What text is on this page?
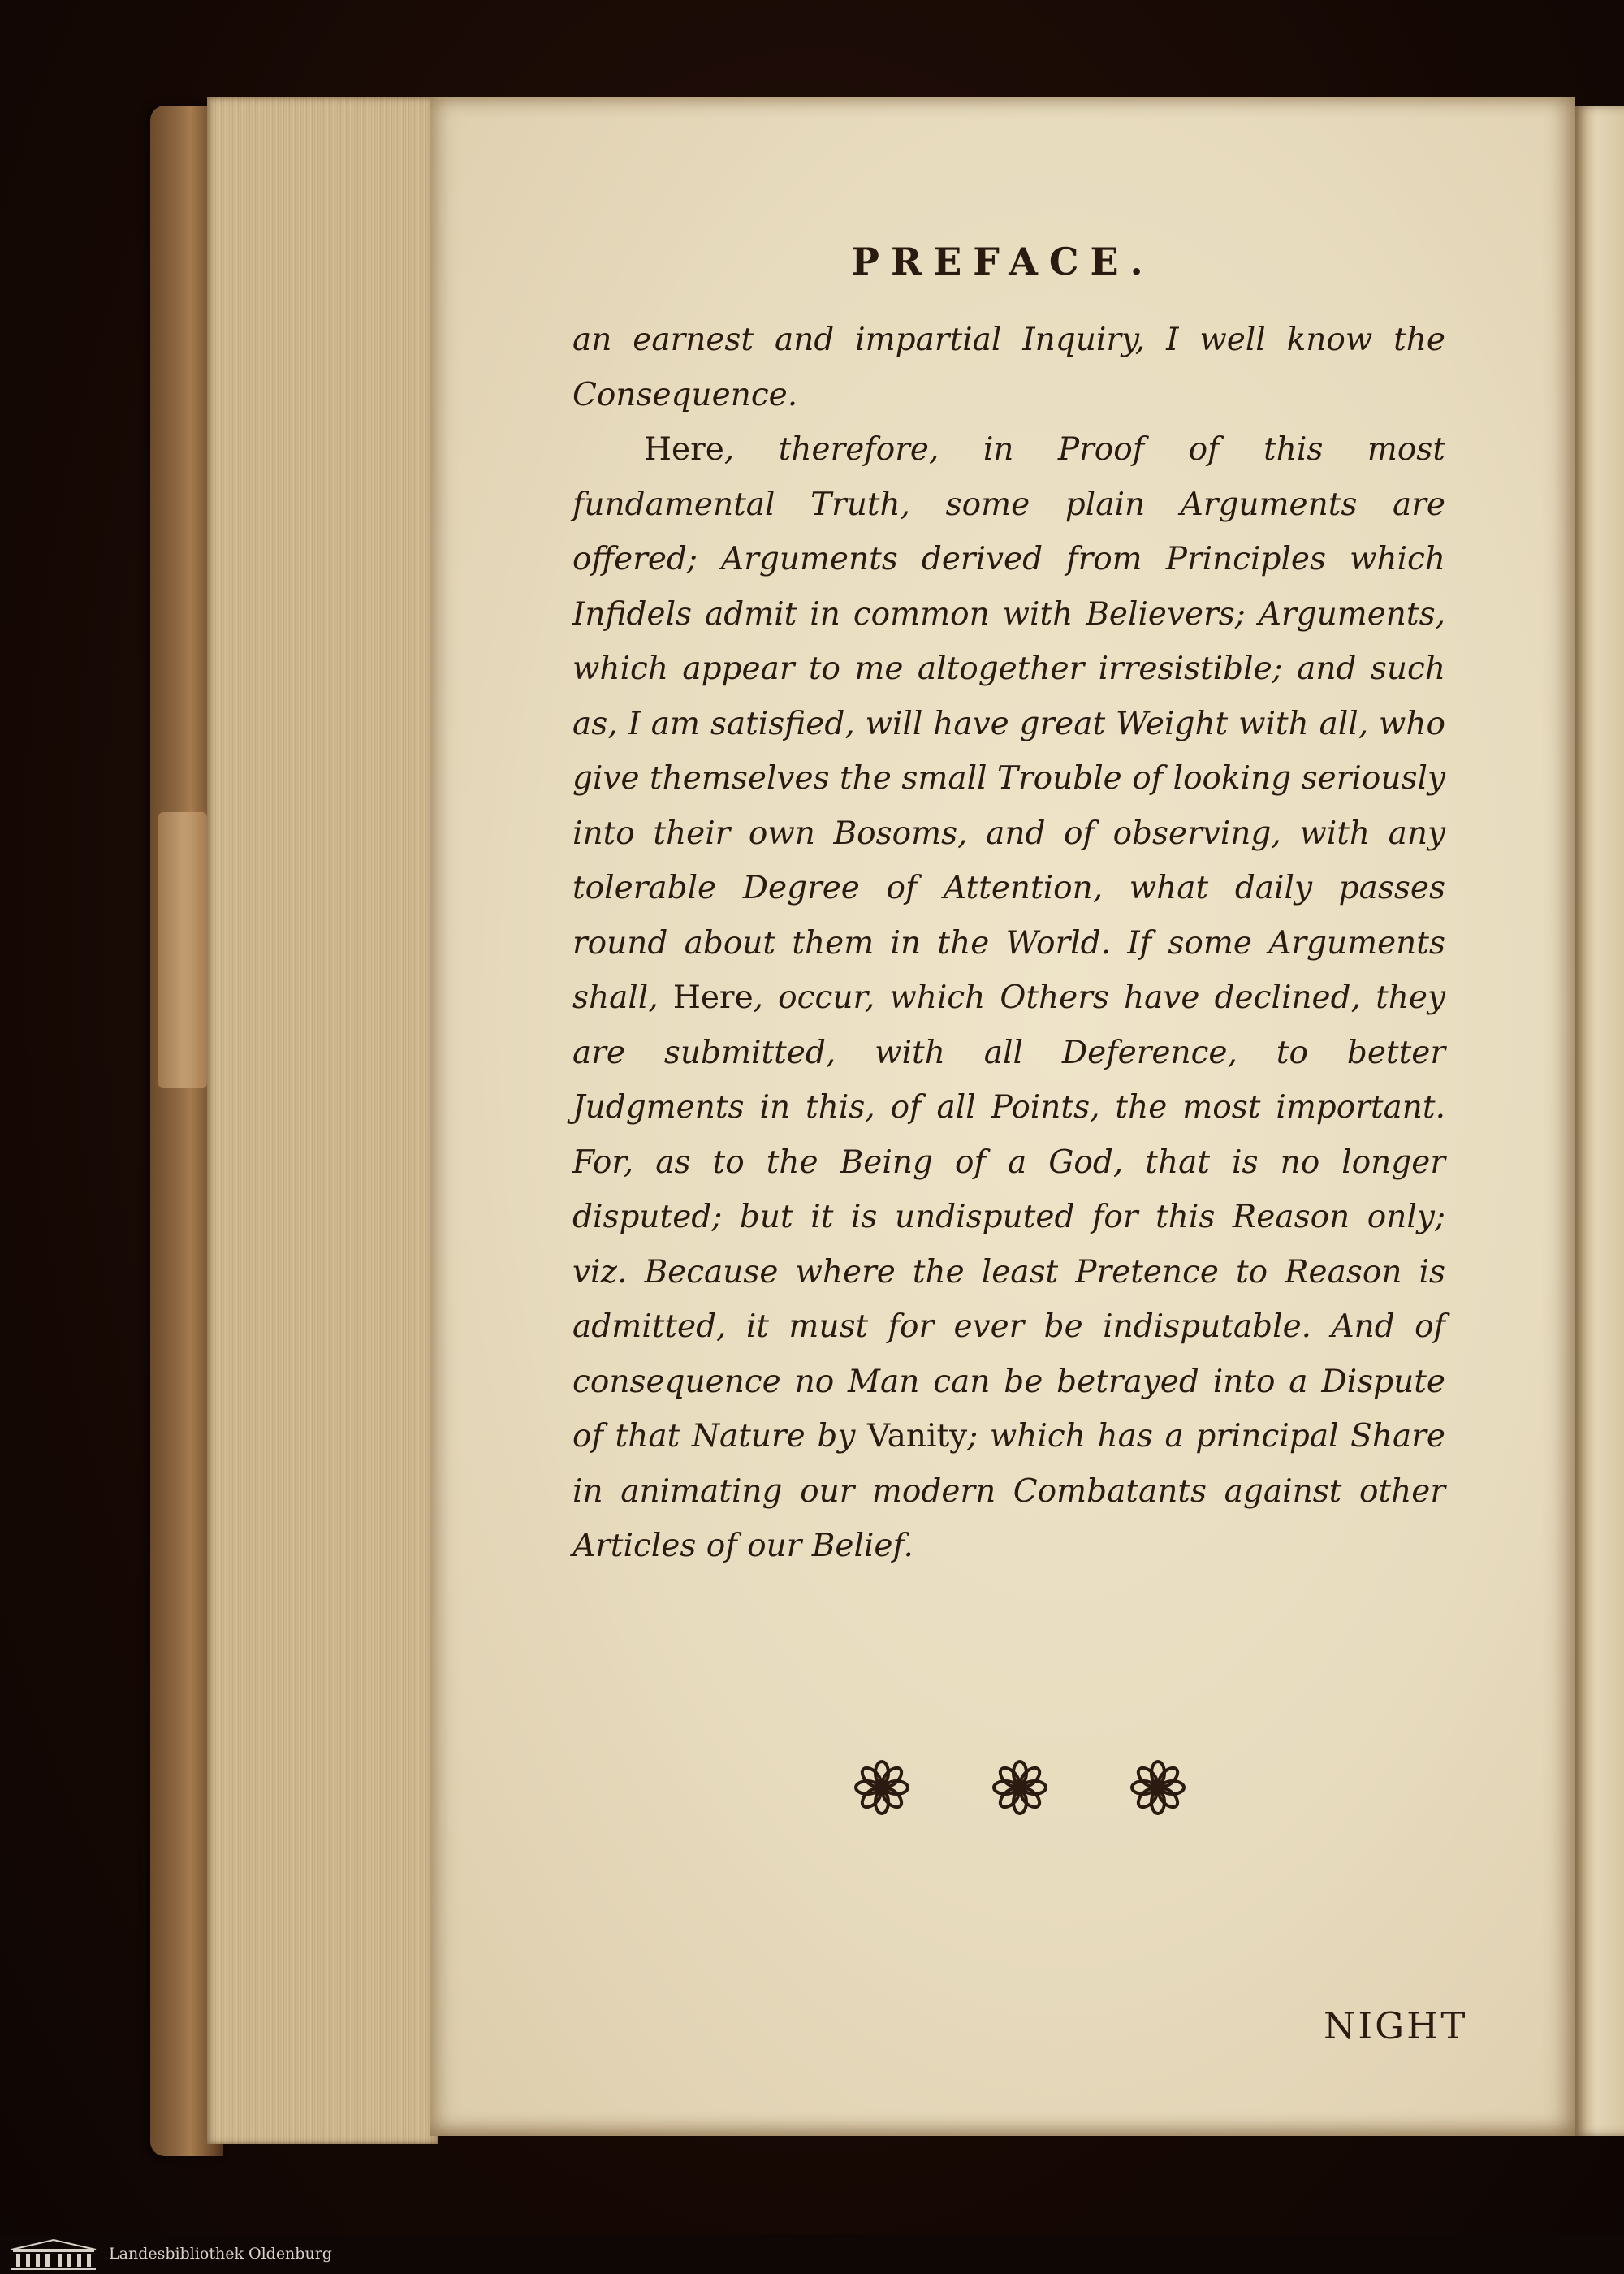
PREFACE.

an earnest and impartial Inquiry, I well know the Consequence.

Here, therefore, in Proof of this most fundamental Truth, some plain Arguments are offered; Arguments derived from Principles which Infidels admit in common with Believers; Arguments, which appear to me altogether irresistible; and such as, I am satisfied, will have great Weight with all, who give themselves the small Trouble of looking seriously into their own Bosoms, and of observing, with any tolerable Degree of Attention, what daily passes round about them in the World. If some Arguments shall, Here, occur, which Others have declined, they are submitted, with all Deference, to better Judgments in this, of all Points, the most important. For, as to the Being of a God, that is no longer disputed; but it is undisputed for this Reason only; viz. Because where the least Pretence to Reason is admitted, it must for ever be indisputable. And of consequence no Man can be betrayed into a Dispute of that Nature by Vanity; which has a principal Share in animating our modern Combatants against other Articles of our Belief.

NIGHT
Landesbibliothek Oldenburg
